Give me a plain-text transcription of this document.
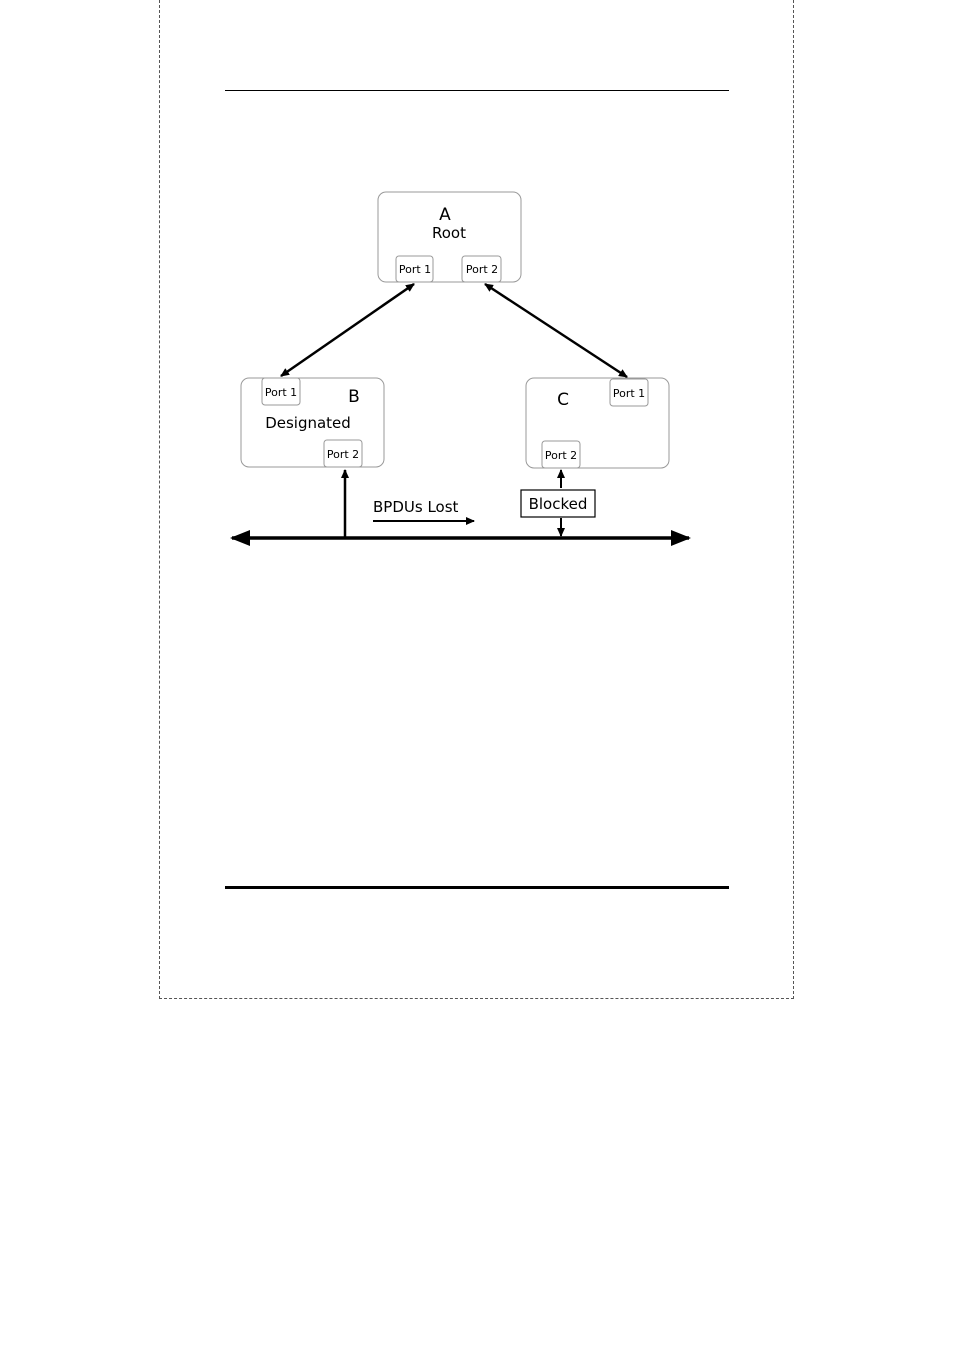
A
Root
Port 1	Port 2
Port 1	B
Designated
Port 2
C	Port 1
Port 2
BPDUs Lost	Blocked
